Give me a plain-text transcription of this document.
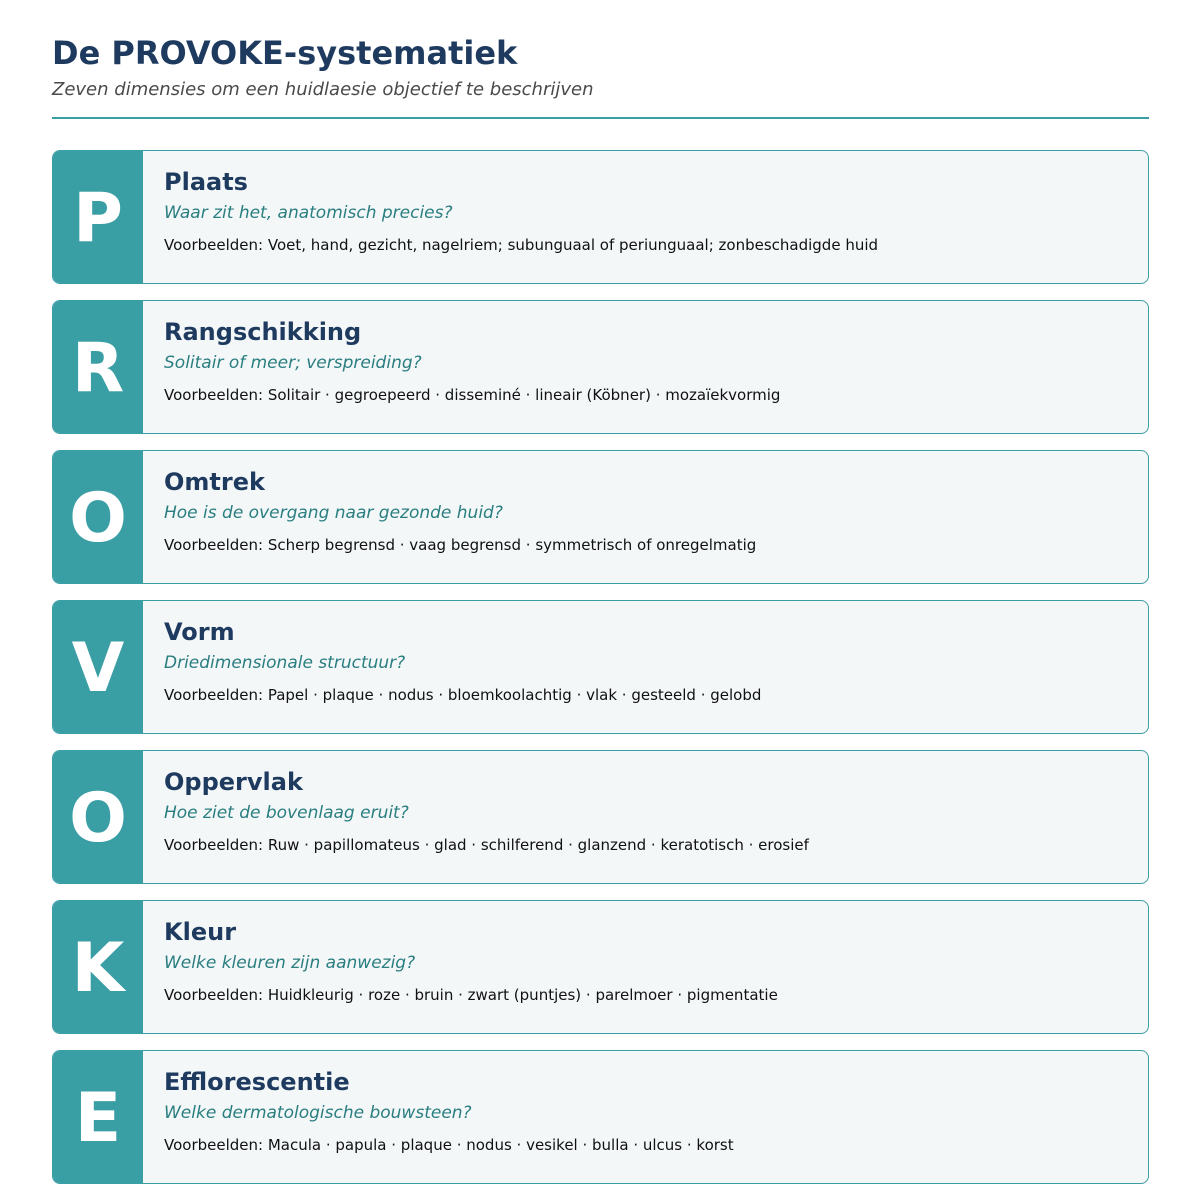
De PROVOKE-systematiek

Zeven dimensies om een huidlaesie objectief te beschrijven

P Plaats

Waar zit het, anatomisch precies?

Voorbeelden: Voet, hand, gezicht, nagelriem; subunguaal of periunguaal; zonbeschadigde huid

R Rangschikking

Solitair of meer; verspreiding?

Voorbeelden: Solitair · gegroepeerd · disseminé · lineair (Köbner) · mozaïekvormig

O Omtrek

Hoe is de overgang naar gezonde huid?

Voorbeelden: Scherp begrensd · vaag begrensd · symmetrisch of onregelmatig

V Vorm

Driedimensionale structuur?

Voorbeelden: Papel · plaque · nodus · bloemkoolachtig · vlak · gesteeld · gelobd

O Oppervlak

Hoe ziet de bovenlaag eruit?

Voorbeelden: Ruw · papillomateus · glad · schilferend · glanzend · keratotisch · erosief

K Kleur

Welke kleuren zijn aanwezig?

Voorbeelden: Huidkleurig · roze · bruin · zwart (puntjes) · parelmoer · pigmentatie

E Efflorescentie

Welke dermatologische bouwsteen?

Voorbeelden: Macula · papula · plaque · nodus · vesikel · bulla · ulcus · korst
